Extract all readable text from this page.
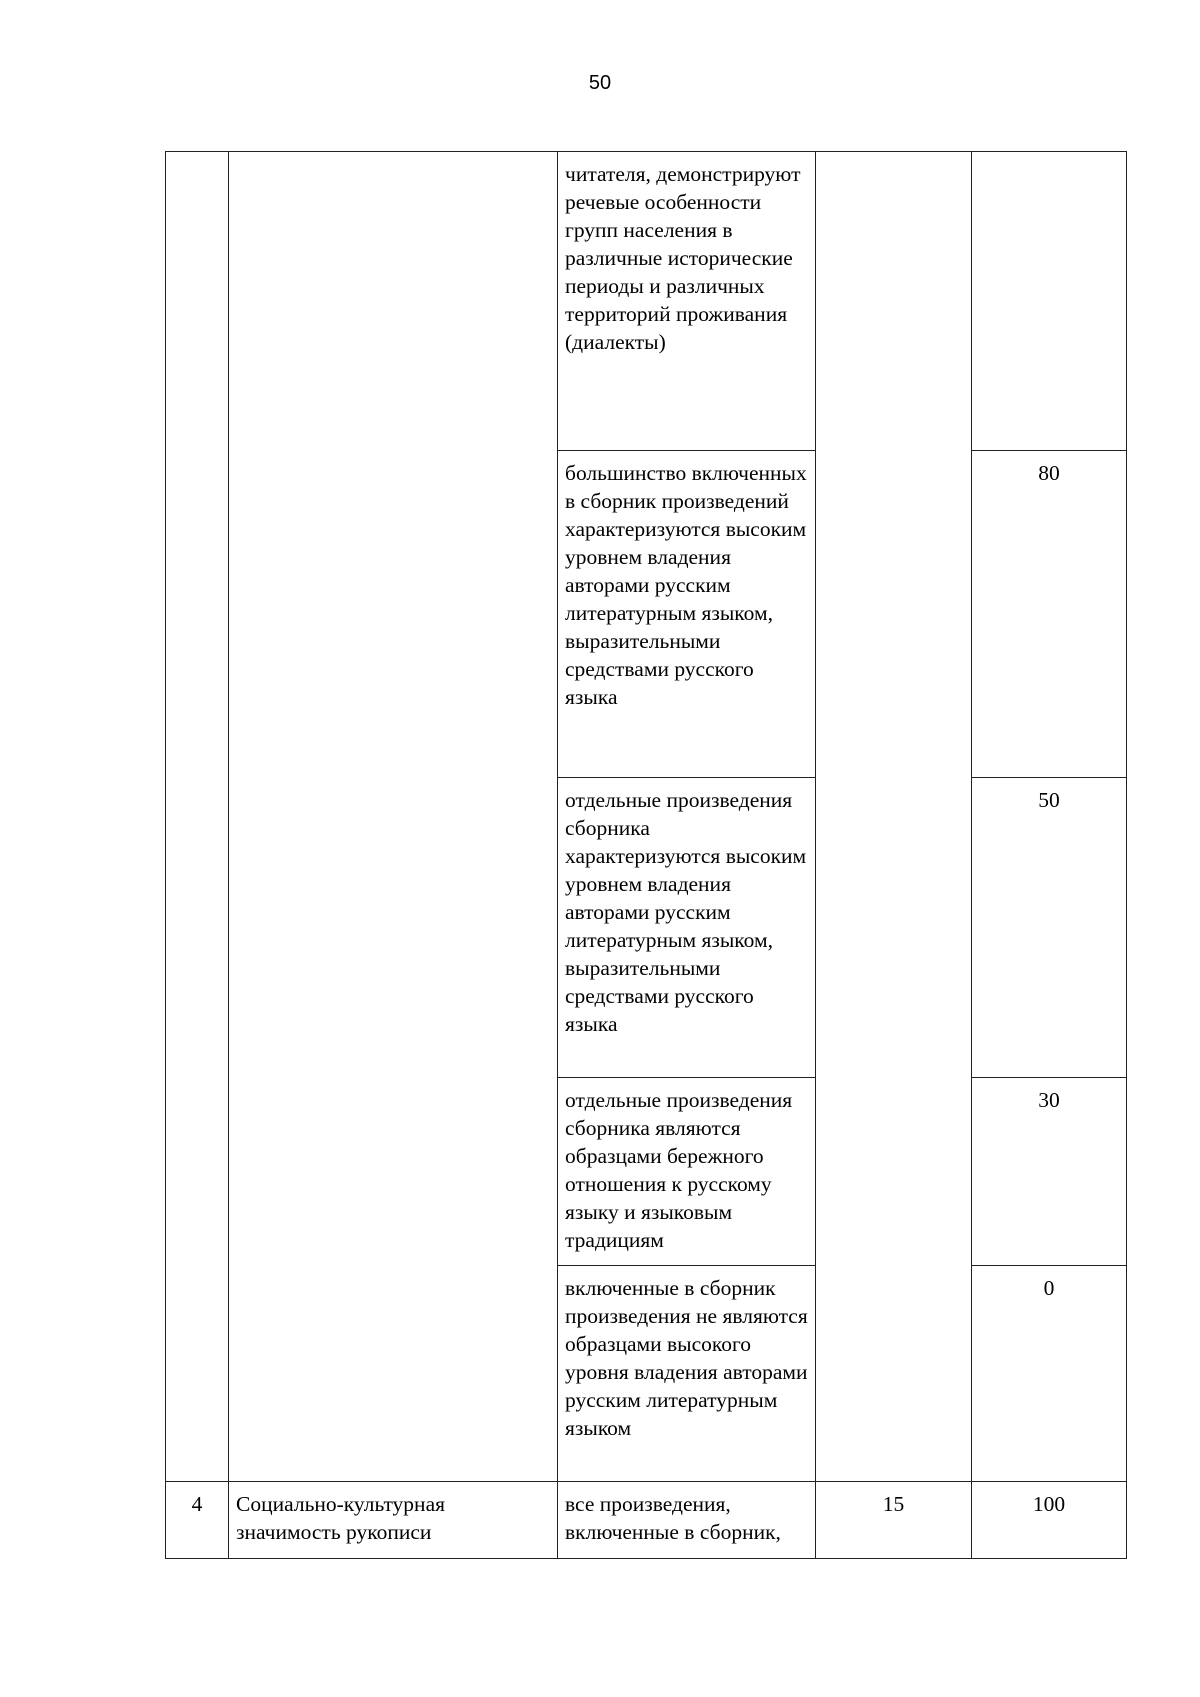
50
		читателя, демонстрируют речевые особенности групп населения в различные исторические периоды и различных территорий проживания (диалекты)		
		большинство включенных в сборник произведений характеризуются высоким уровнем владения авторами русским литературным языком, выразительными средствами русского языка		80
		отдельные произведения сборника характеризуются высоким уровнем владения авторами русским литературным языком, выразительными средствами русского языка		50
		отдельные произведения сборника являются образцами бережного отношения к русскому языку и языковым традициям		30
		включенные в сборник произведения не являются образцами высокого уровня владения авторами русским литературным языком		0
4	Социально-культурная значимость рукописи	все произведения, включенные в сборник,	15	100
